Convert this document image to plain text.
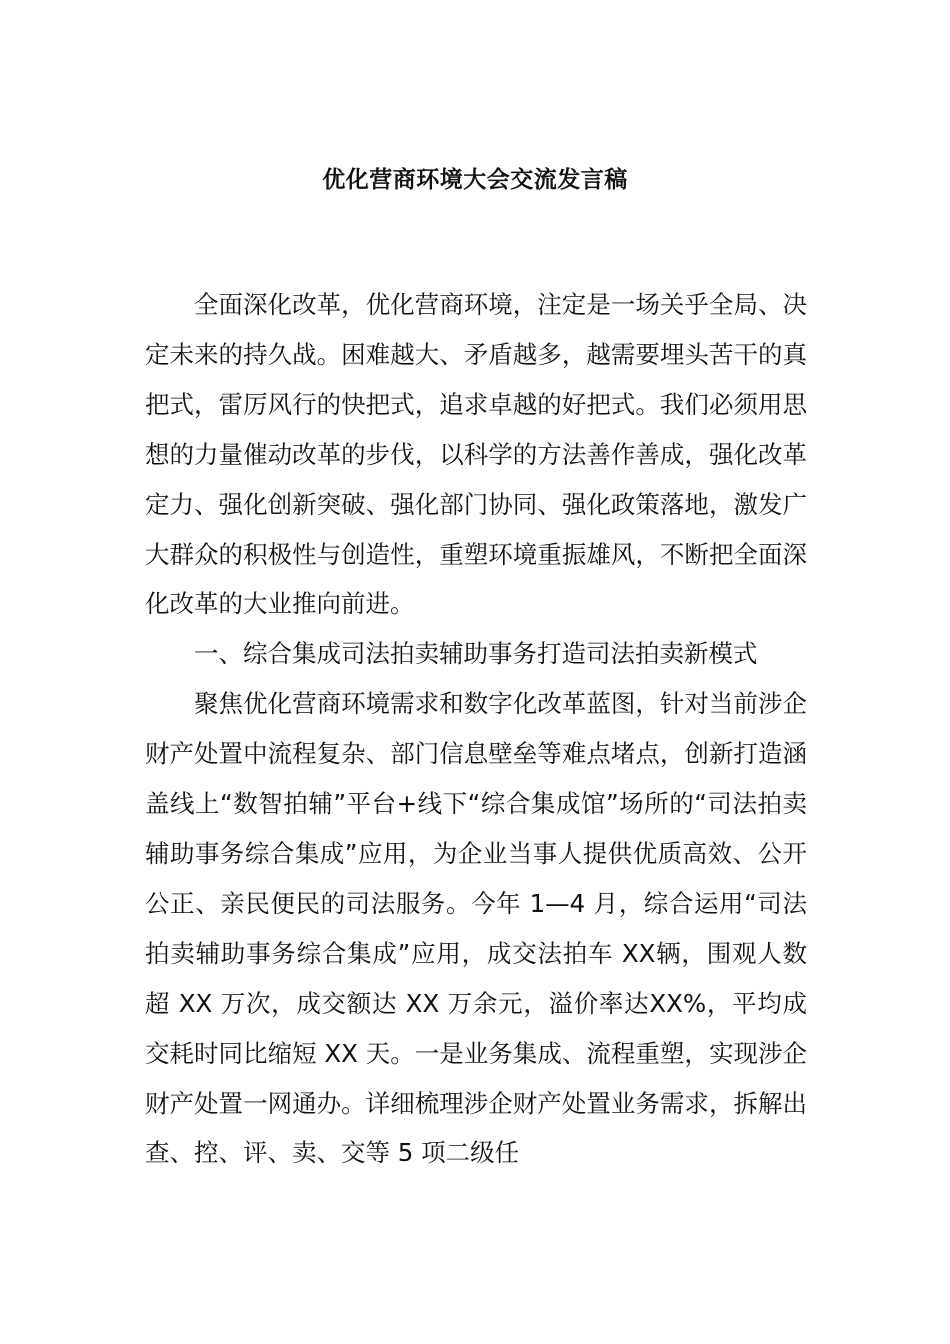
优化营商环境大会交流发言稿

全面深化改革，优化营商环境，注定是一场关乎全局、决定未来的持久战。困难越大、矛盾越多，越需要埋头苦干的真把式，雷厉风行的快把式，追求卓越的好把式。我们必须用思想的力量催动改革的步伐，以科学的方法善作善成，强化改革定力、强化创新突破、强化部门协同、强化政策落地，激发广大群众的积极性与创造性，重塑环境重振雄风，不断把全面深化改革的大业推向前进。

一、综合集成司法拍卖辅助事务打造司法拍卖新模式

聚焦优化营商环境需求和数字化改革蓝图，针对当前涉企财产处置中流程复杂、部门信息壁垒等难点堵点，创新打造涵盖线上“数智拍辅”平台+线下“综合集成馆”场所的“司法拍卖辅助事务综合集成”应用，为企业当事人提供优质高效、公开公正、亲民便民的司法服务。今年 1—4 月，综合运用“司法拍卖辅助事务综合集成”应用，成交法拍车 XX辆，围观人数超 XX 万次，成交额达 XX 万余元，溢价率达XX%，平均成交耗时同比缩短 XX 天。一是业务集成、流程重塑，实现涉企财产处置一网通办。详细梳理涉企财产处置业务需求，拆解出查、控、评、卖、交等 5 项二级任
